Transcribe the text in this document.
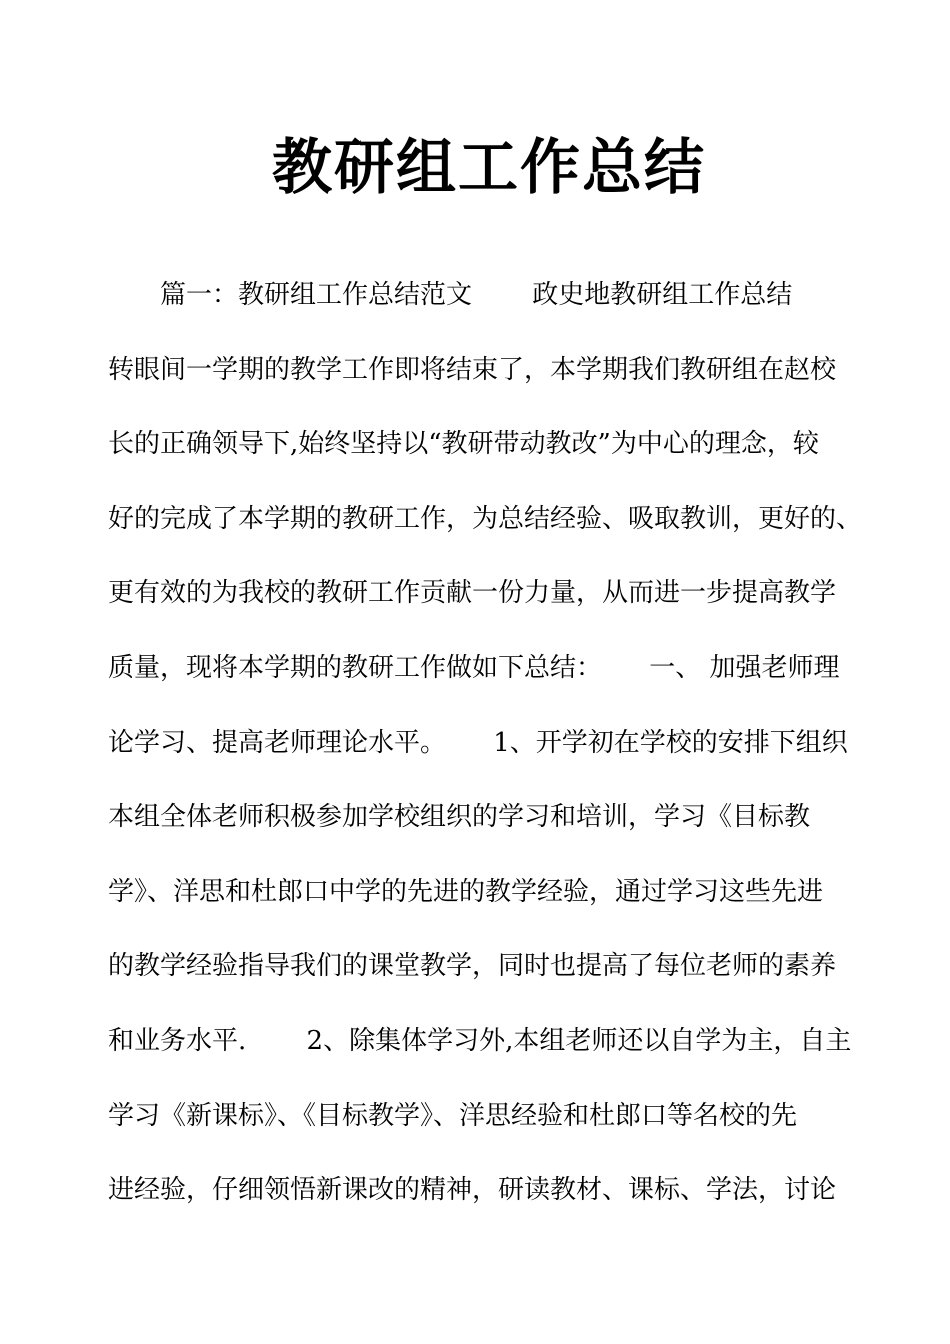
教研组工作总结

　　篇一：教研组工作总结范文　　 政史地教研组工作总结

转眼间一学期的教学工作即将结束了，本学期我们教研组在赵校

长的正确领导下,始终坚持以“教研带动教改”为中心的理念，较

好的完成了本学期的教研工作，为总结经验、吸取教训，更好的、

更有效的为我校的教研工作贡献一份力量，从而进一步提高教学

质量，现将本学期的教研工作做如下总结：　　 一、 加强老师理

论学习、提高老师理论水平。　　 1、开学初在学校的安排下组织

本组全体老师积极参加学校组织的学习和培训，学习《目标教

学》、洋思和杜郎口中学的先进的教学经验，通过学习这些先进

的教学经验指导我们的课堂教学，同时也提高了每位老师的素养

和业务水平.　　 2、除集体学习外,本组老师还以自学为主，自主

学习《新课标》、《目标教学》、洋思经验和杜郎口等名校的先

进经验，仔细领悟新课改的精神，研读教材、课标、学法，讨论
